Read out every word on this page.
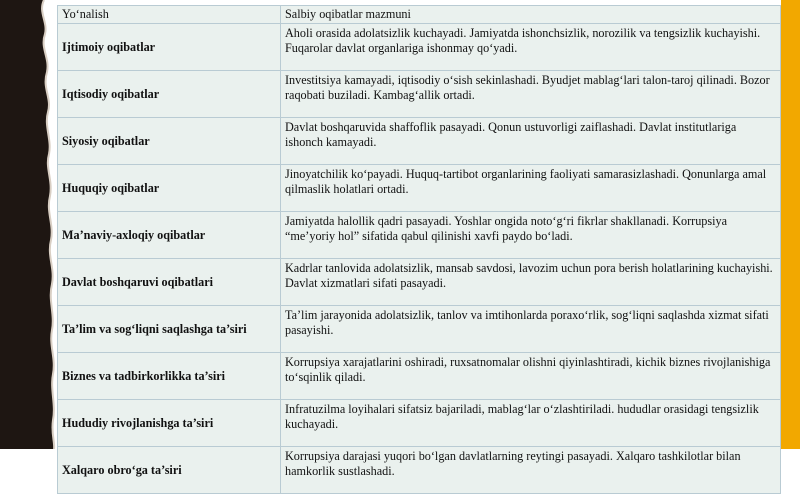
Yo‘nalish	Salbiy oqibatlar mazmuni
Ijtimoiy oqibatlar	Aholi orasida adolatsizlik kuchayadi. Jamiyatda ishonchsizlik, norozilik va tengsizlik kuchayishi. Fuqarolar davlat organlariga ishonmay qo‘yadi.
Iqtisodiy oqibatlar	Investitsiya kamayadi, iqtisodiy o‘sish sekinlashadi. Byudjet mablag‘lari talon-taroj qilinadi. Bozor raqobati buziladi. Kambag‘allik ortadi.
Siyosiy oqibatlar	Davlat boshqaruvida shaffoflik pasayadi. Qonun ustuvorligi zaiflashadi. Davlat institutlariga ishonch kamayadi.
Huquqiy oqibatlar	Jinoyatchilik ko‘payadi. Huquq-tartibot organlarining faoliyati samarasizlashadi. Qonunlarga amal qilmaslik holatlari ortadi.
Ma’naviy-axloqiy oqibatlar	Jamiyatda halollik qadri pasayadi. Yoshlar ongida noto‘g‘ri fikrlar shakllanadi. Korrupsiya “me’yoriy hol” sifatida qabul qilinishi xavfi paydo bo‘ladi.
Davlat boshqaruvi oqibatlari	Kadrlar tanlovida adolatsizlik, mansab savdosi, lavozim uchun pora berish holatlarining kuchayishi. Davlat xizmatlari sifati pasayadi.
Ta’lim va sog‘liqni saqlashga ta’siri	Ta’lim jarayonida adolatsizlik, tanlov va imtihonlarda poraxo‘rlik, sog‘liqni saqlashda xizmat sifati pasayishi.
Biznes va tadbirkorlikka ta’siri	Korrupsiya xarajatlarini oshiradi, ruxsatnomalar olishni qiyinlashtiradi, kichik biznes rivojlanishiga to‘sqinlik qiladi.
Hududiy rivojlanishga ta’siri	Infratuzilma loyihalari sifatsiz bajariladi, mablag‘lar o‘zlashtiriladi. hududlar orasidagi tengsizlik kuchayadi.
Xalqaro obro‘ga ta’siri	Korrupsiya darajasi yuqori bo‘lgan davlatlarning reytingi pasayadi. Xalqaro tashkilotlar bilan hamkorlik sustlashadi.
